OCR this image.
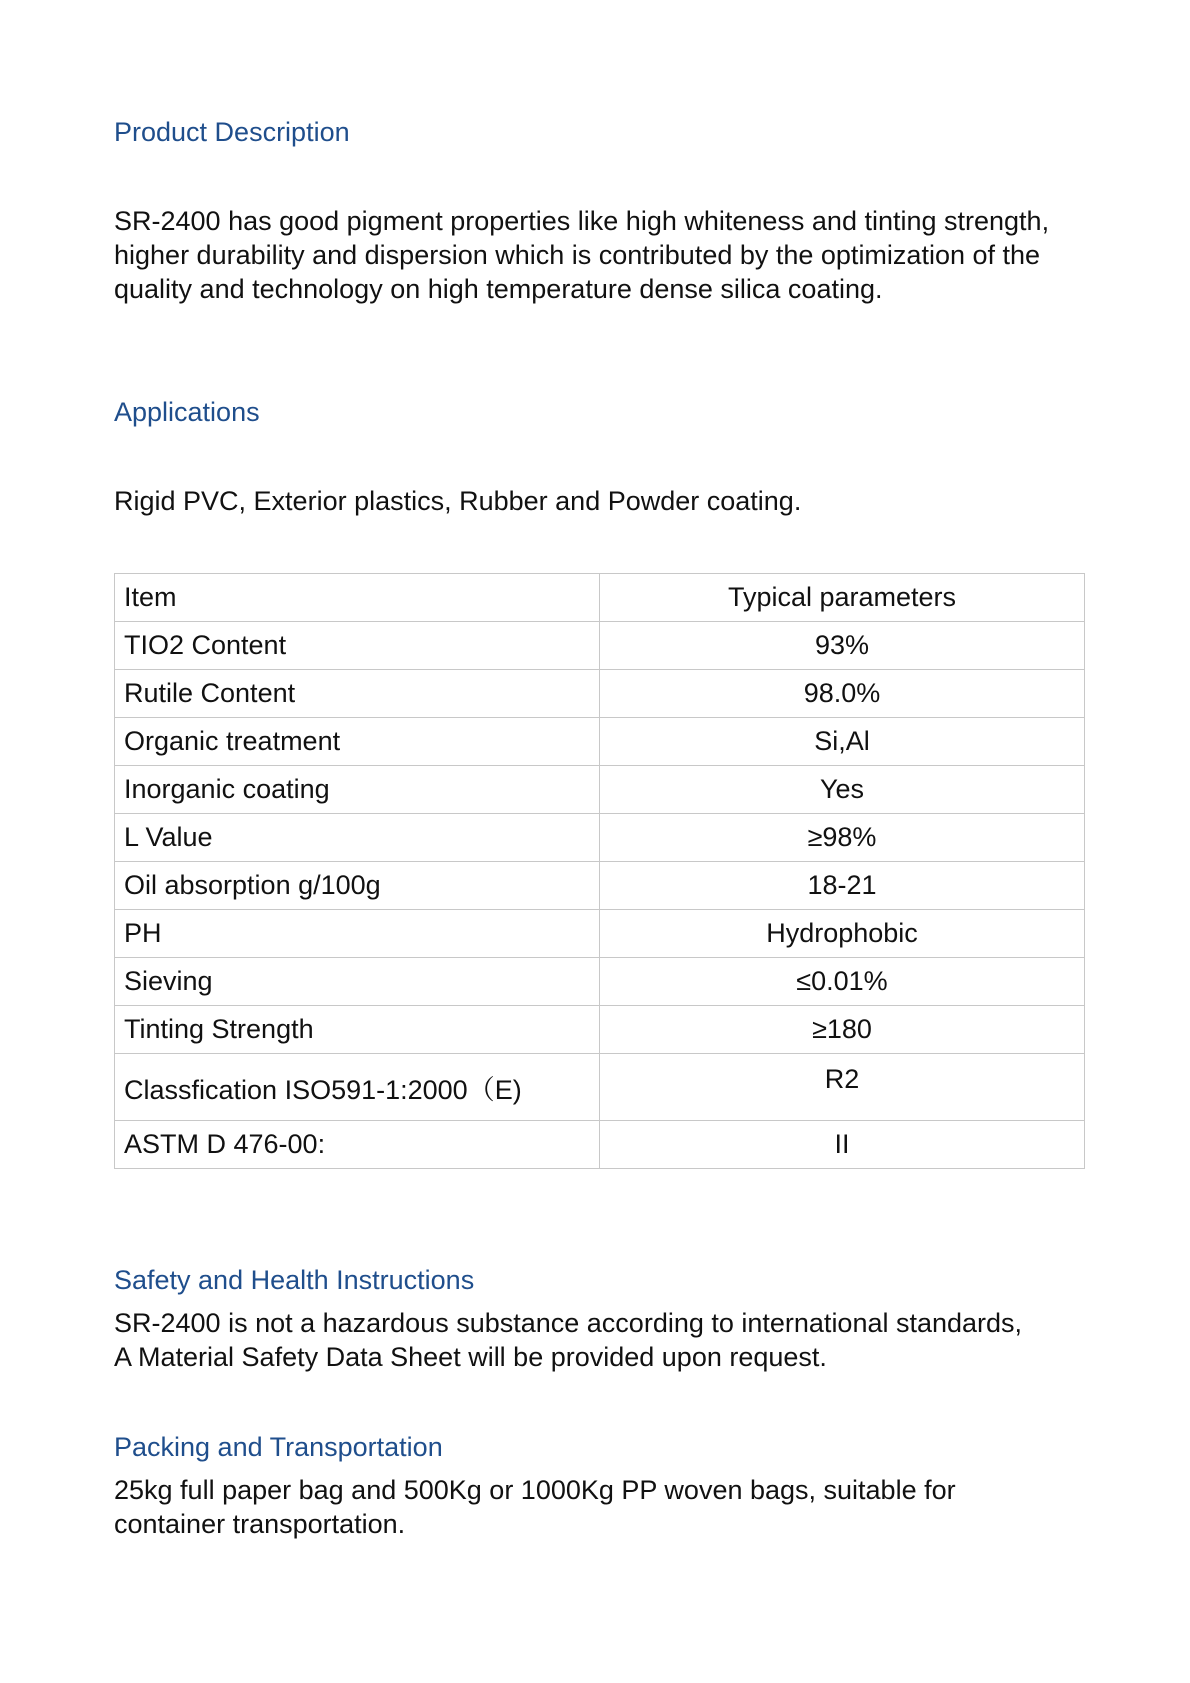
Product Description

SR-2400 has good pigment properties like high whiteness and tinting strength, higher durability and dispersion which is contributed by the optimization of the quality and technology on high temperature dense silica coating.

Applications

Rigid PVC, Exterior plastics, Rubber and Powder coating.

Item	Typical parameters
TIO2 Content	93%
Rutile Content	98.0%
Organic treatment	Si,Al
Inorganic coating	Yes
L Value	≥98%
Oil absorption g/100g	18-21
PH	Hydrophobic
Sieving	≤0.01%
Tinting Strength	≥180
Classfication ISO591-1:2000（E)	R2
ASTM D 476-00:	II
Safety and Health Instructions

SR-2400 is not a hazardous substance according to international standards,
A Material Safety Data Sheet will be provided upon request.

Packing and Transportation

25kg full paper bag and 500Kg or 1000Kg PP woven bags, suitable for container transportation.
